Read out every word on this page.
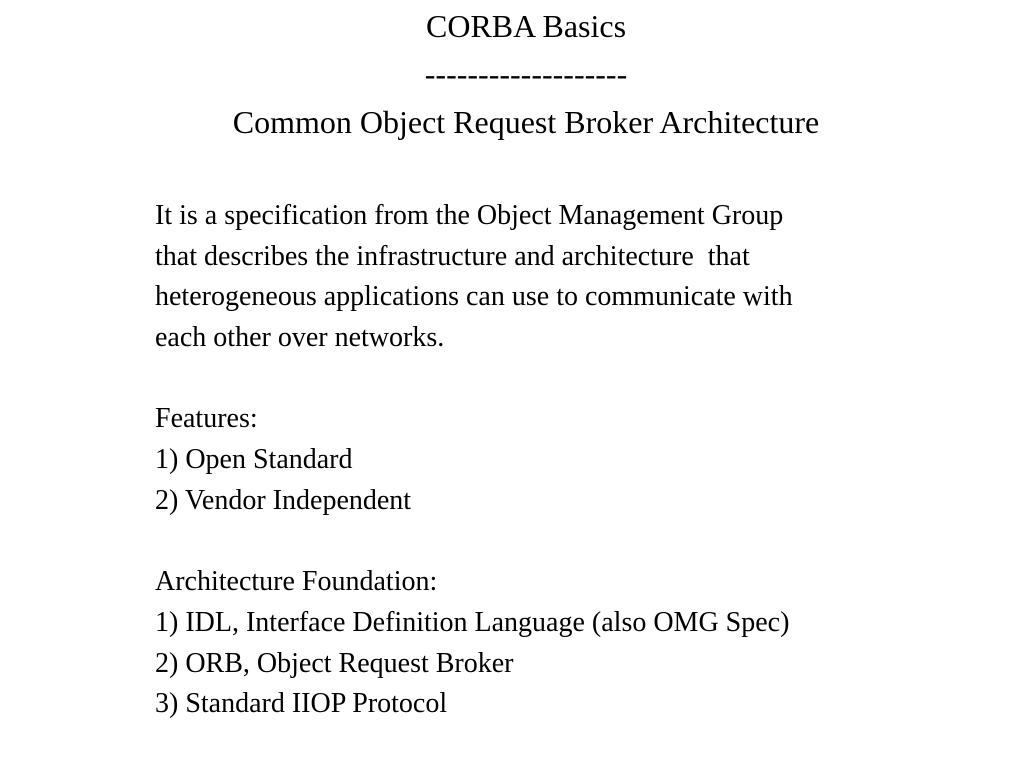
CORBA Basics
-------------------
Common Object Request Broker Architecture
It is a specification from the Object Management Group
that describes the infrastructure and architecture  that
heterogeneous applications can use to communicate with
each other over networks.
Features:
1) Open Standard
2) Vendor Independent
Architecture Foundation:
1) IDL, Interface Definition Language (also OMG Spec)
2) ORB, Object Request Broker
3) Standard IIOP Protocol
